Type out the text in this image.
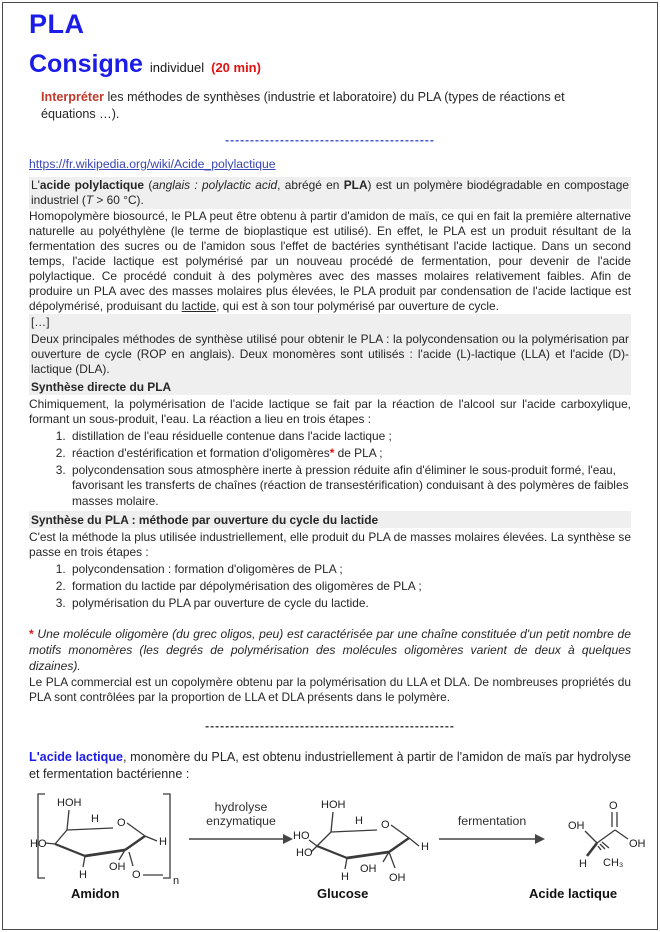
PLA
Consigne individuel (20 min)

Interpréter les méthodes de synthèses (industrie et laboratoire) du PLA (types de réactions et équations …).

------------------------------------------
https://fr.wikipedia.org/wiki/Acide_polylactique

L'acide polylactique (anglais : polylactic acid, abrégé en PLA) est un polymère biodégradable en compostage industriel (T > 60 °C).

Homopolymère biosourcé, le PLA peut être obtenu à partir d'amidon de maïs, ce qui en fait la première alternative naturelle au polyéthylène (le terme de bioplastique est utilisé). En effet, le PLA est un produit résultant de la fermentation des sucres ou de l'amidon sous l'effet de bactéries synthétisant l'acide lactique. Dans un second temps, l'acide lactique est polymérisé par un nouveau procédé de fermentation, pour devenir de l'acide polylactique. Ce procédé conduit à des polymères avec des masses molaires relativement faibles. Afin de produire un PLA avec des masses molaires plus élevées, le PLA produit par condensation de l'acide lactique est dépolymérisé, produisant du lactide, qui est à son tour polymérisé par ouverture de cycle.

[…]

Deux principales méthodes de synthèse utilisé pour obtenir le PLA : la polycondensation ou la polymérisation par ouverture de cycle (ROP en anglais). Deux monomères sont utilisés : l'acide (L)-lactique (LLA) et l'acide (D)-lactique (DLA).

Synthèse directe du PLA

Chimiquement, la polymérisation de l'acide lactique se fait par la réaction de l'alcool sur l'acide carboxylique, formant un sous-produit, l'eau. La réaction a lieu en trois étapes :

1. distillation de l'eau résiduelle contenue dans l'acide lactique ;
2. réaction d'estérification et formation d'oligomères* de PLA ;
3. polycondensation sous atmosphère inerte à pression réduite afin d'éliminer le sous-produit formé, l'eau, favorisant les transferts de chaînes (réaction de transestérification) conduisant à des polymères de faibles masses molaire.

Synthèse du PLA : méthode par ouverture du cycle du lactide

C'est la méthode la plus utilisée industriellement, elle produit du PLA de masses molaires élevées. La synthèse se passe en trois étapes :

1. polycondensation : formation d'oligomères de PLA ;
2. formation du lactide par dépolymérisation des oligomères de PLA ;
3. polymérisation du PLA par ouverture de cycle du lactide.

* Une molécule oligomère (du grec oligos, peu) est caractérisée par une chaîne constituée d'un petit nombre de motifs monomères (les degrés de polymérisation des molécules oligomères varient de deux à quelques dizaines).

Le PLA commercial est un copolymère obtenu par la polymérisation du LLA et DLA. De nombreuses propriétés du PLA sont contrôlées par la proportion de LLA et DLA présents dans le polymère.

--------------------------------------------------

L'acide lactique, monomère du PLA, est obtenu industriellement à partir de l'amidon de maïs par hydrolyse et fermentation bactérienne :

HOH
H O
HO
H
OH
H
O	n
hydrolyse
enzymatique
HOH
H O
HO
HO
H
OH
H
OH
fermentation
O
OH
OH
H CH₃
Amidon	Glucose	Acide lactique
